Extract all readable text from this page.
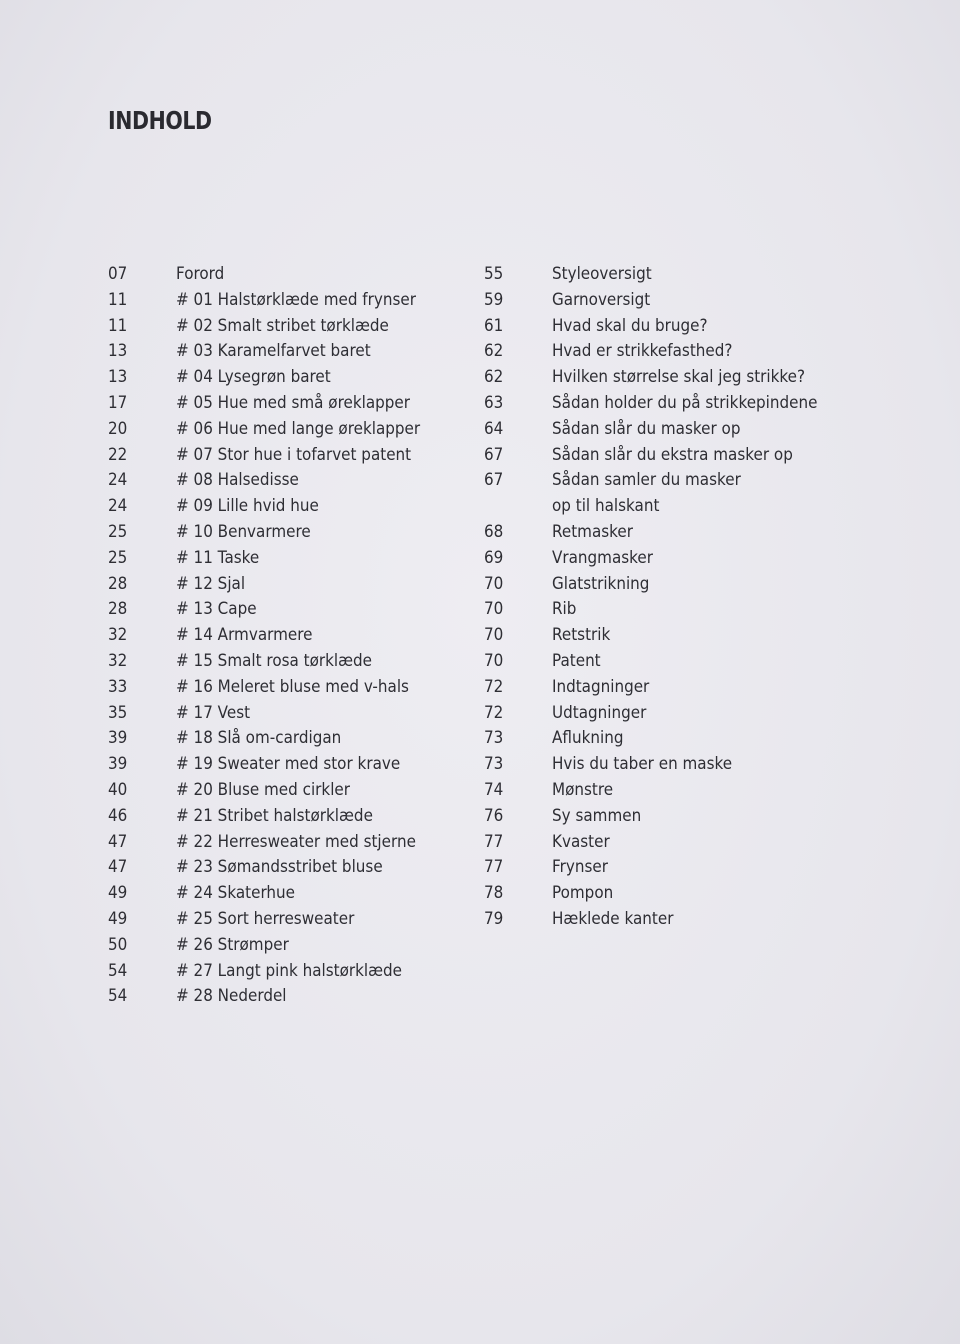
INDHOLD
07	Forord
11	# 01 Halstørklæde med frynser
11	# 02 Smalt stribet tørklæde
13	# 03 Karamelfarvet baret
13	# 04 Lysegrøn baret
17	# 05 Hue med små øreklapper
20	# 06 Hue med lange øreklapper
22	# 07 Stor hue i tofarvet patent
24	# 08 Halsedisse
24	# 09 Lille hvid hue
25	# 10 Benvarmere
25	# 11 Taske
28	# 12 Sjal
28	# 13 Cape
32	# 14 Armvarmere
32	# 15 Smalt rosa tørklæde
33	# 16 Meleret bluse med v-hals
35	# 17 Vest
39	# 18 Slå om-cardigan
39	# 19 Sweater med stor krave
40	# 20 Bluse med cirkler
46	# 21 Stribet halstørklæde
47	# 22 Herresweater med stjerne
47	# 23 Sømandsstribet bluse
49	# 24 Skaterhue
49	# 25 Sort herresweater
50	# 26 Strømper
54	# 27 Langt pink halstørklæde
54	# 28 Nederdel
55	Styleoversigt
59	Garnoversigt
61	Hvad skal du bruge?
62	Hvad er strikkefasthed?
62	Hvilken størrelse skal jeg strikke?
63	Sådan holder du på strikkepindene
64	Sådan slår du masker op
67	Sådan slår du ekstra masker op
67	Sådan samler du masker
op til halskant
68	Retmasker
69	Vrangmasker
70	Glatstrikning
70	Rib
70	Retstrik
70	Patent
72	Indtagninger
72	Udtagninger
73	Aflukning
73	Hvis du taber en maske
74	Mønstre
76	Sy sammen
77	Kvaster
77	Frynser
78	Pompon
79	Hæklede kanter
